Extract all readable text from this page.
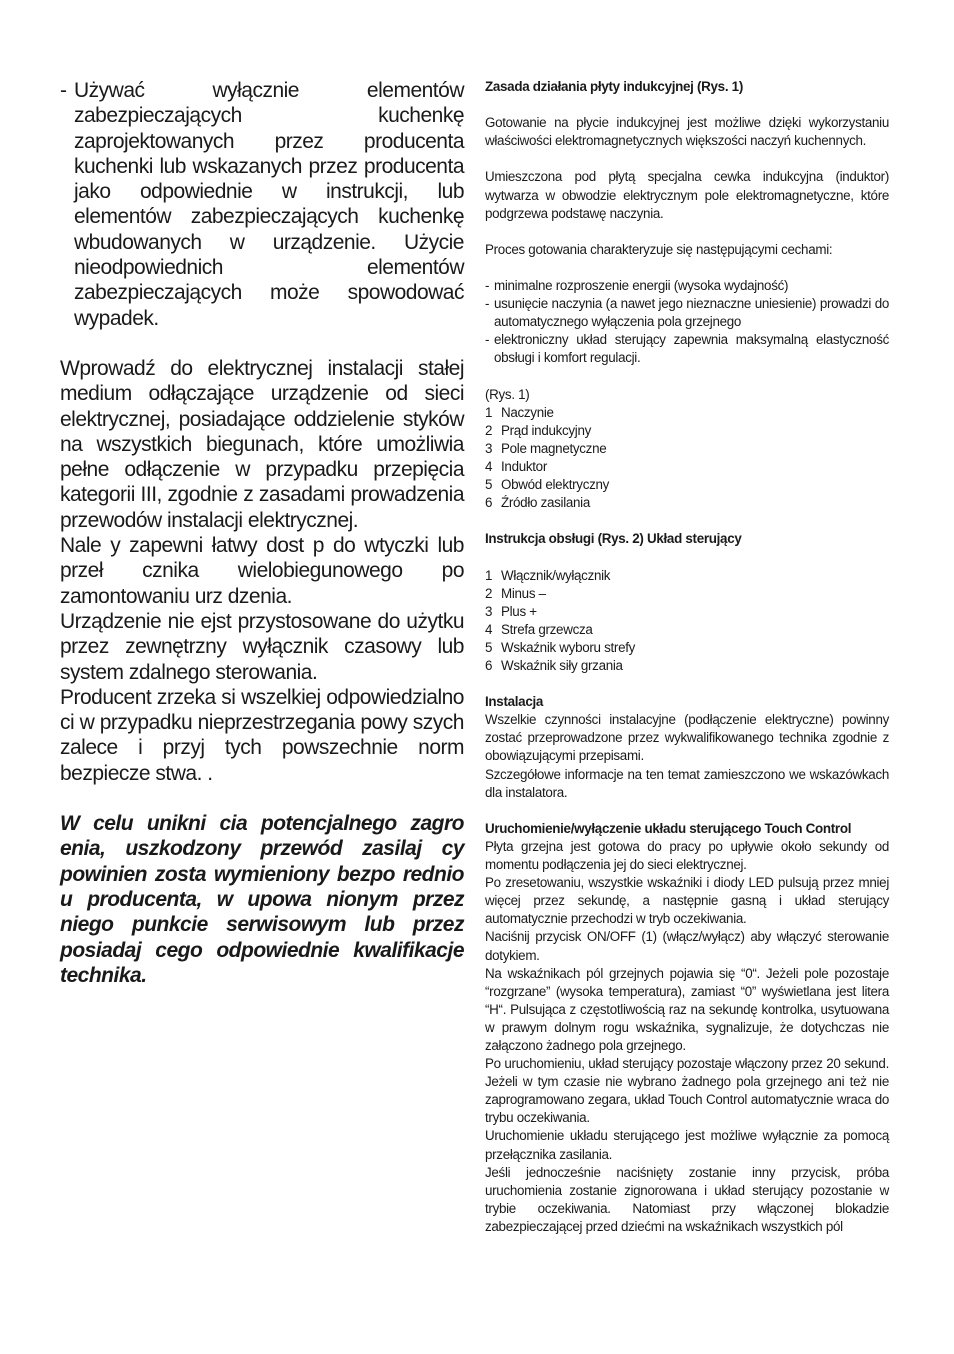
- Używać wyłącznie elementów zabezpieczających kuchenkę zaprojektowanych przez producenta kuchenki lub wskazanych przez producenta jako odpowiednie w instrukcji, lub elementów zabezpieczających kuchenkę wbudowanych w urządzenie. Użycie nieodpowiednich elementów zabezpieczających może spowodować wypadek.

Wprowadź do elektrycznej instalacji stałej medium odłączające urządzenie od sieci elektrycznej, posiadające oddzielenie styków na wszystkich biegunach, które umożliwia pełne odłączenie w przypadku przepięcia kategorii III, zgodnie z zasadami prowadzenia przewodów instalacji elektrycznej.

Nale y zapewni łatwy dost p do wtyczki lub przeł cznika wielobiegunowego po zamontowaniu urz dzenia.

Urządzenie nie ejst przystosowane do użytku przez zewnętrzny wyłącznik czasowy lub system zdalnego sterowania.

Producent zrzeka si wszelkiej odpowiedzialno ci w przypadku nieprzestrzegania powy szych zalece i przyj tych powszechnie norm bezpiecze stwa. .

W celu unikni cia potencjalnego zagro enia, uszkodzony przewód zasilaj cy powinien zosta wymieniony bezpo rednio u producenta, w upowa nionym przez niego punkcie serwisowym lub przez posiadaj cego odpowiednie kwalifikacje technika.

Zasada działania płyty indukcyjnej (Rys. 1)

Gotowanie na płycie indukcyjnej jest możliwe dzięki wykorzystaniu właściwości elektromagnetycznych większości naczyń kuchennych.

Umieszczona pod płytą specjalna cewka indukcyjna (induktor) wytwarza w obwodzie elektrycznym pole elektromagnetyczne, które podgrzewa podstawę naczynia.

Proces gotowania charakteryzuje się następującymi cechami:

- minimalne rozproszenie energii (wysoka wydajność)
- usunięcie naczynia (a nawet jego nieznaczne uniesienie) prowadzi do automatycznego wyłączenia pola grzejnego
- elektroniczny układ sterujący zapewnia maksymalną elastyczność obsługi i komfort regulacji.

(Rys. 1)

1 Naczynie
2 Prąd indukcyjny
3 Pole magnetyczne
4 Induktor
5 Obwód elektryczny
6 Źródło zasilania

Instrukcja obsługi (Rys. 2) Układ sterujący

1 Włącznik/wyłącznik
2 Minus –
3 Plus +
4 Strefa grzewcza
5 Wskaźnik wyboru strefy
6 Wskaźnik siły grzania

Instalacja

Wszelkie czynności instalacyjne (podłączenie elektryczne) powinny zostać przeprowadzone przez wykwalifikowanego technika zgodnie z obowiązującymi przepisami.

Szczegółowe informacje na ten temat zamieszczono we wskazówkach dla instalatora.

Uruchomienie/wyłączenie układu sterującego Touch Control

Płyta grzejna jest gotowa do pracy po upływie około sekundy od momentu podłączenia jej do sieci elektrycznej.

Po zresetowaniu, wszystkie wskaźniki i diody LED pulsują przez mniej więcej przez sekundę, a następnie gasną i układ sterujący automatycznie przechodzi w tryb oczekiwania.

Naciśnij przycisk ON/OFF (1) (włącz/wyłącz) aby włączyć sterowanie dotykiem.

Na wskaźnikach pól grzejnych pojawia się “0“. Jeżeli pole pozostaje “rozgrzane” (wysoka temperatura), zamiast “0” wyświetlana jest litera “H“. Pulsująca z częstotliwością raz na sekundę kontrolka, usytuowana w prawym dolnym rogu wskaźnika, sygnalizuje, że dotychczas nie załączono żadnego pola grzejnego.

Po uruchomieniu, układ sterujący pozostaje włączony przez 20 sekund. Jeżeli w tym czasie nie wybrano żadnego pola grzejnego ani też nie zaprogramowano zegara, układ Touch Control automatycznie wraca do trybu oczekiwania.

Uruchomienie układu sterującego jest możliwe wyłącznie za pomocą przełącznika zasilania.

Jeśli jednocześnie naciśnięty zostanie inny przycisk, próba uruchomienia zostanie zignorowana i układ sterujący pozostanie w trybie oczekiwania. Natomiast przy włączonej blokadzie zabezpieczającej przed dziećmi na wskaźnikach wszystkich pól
